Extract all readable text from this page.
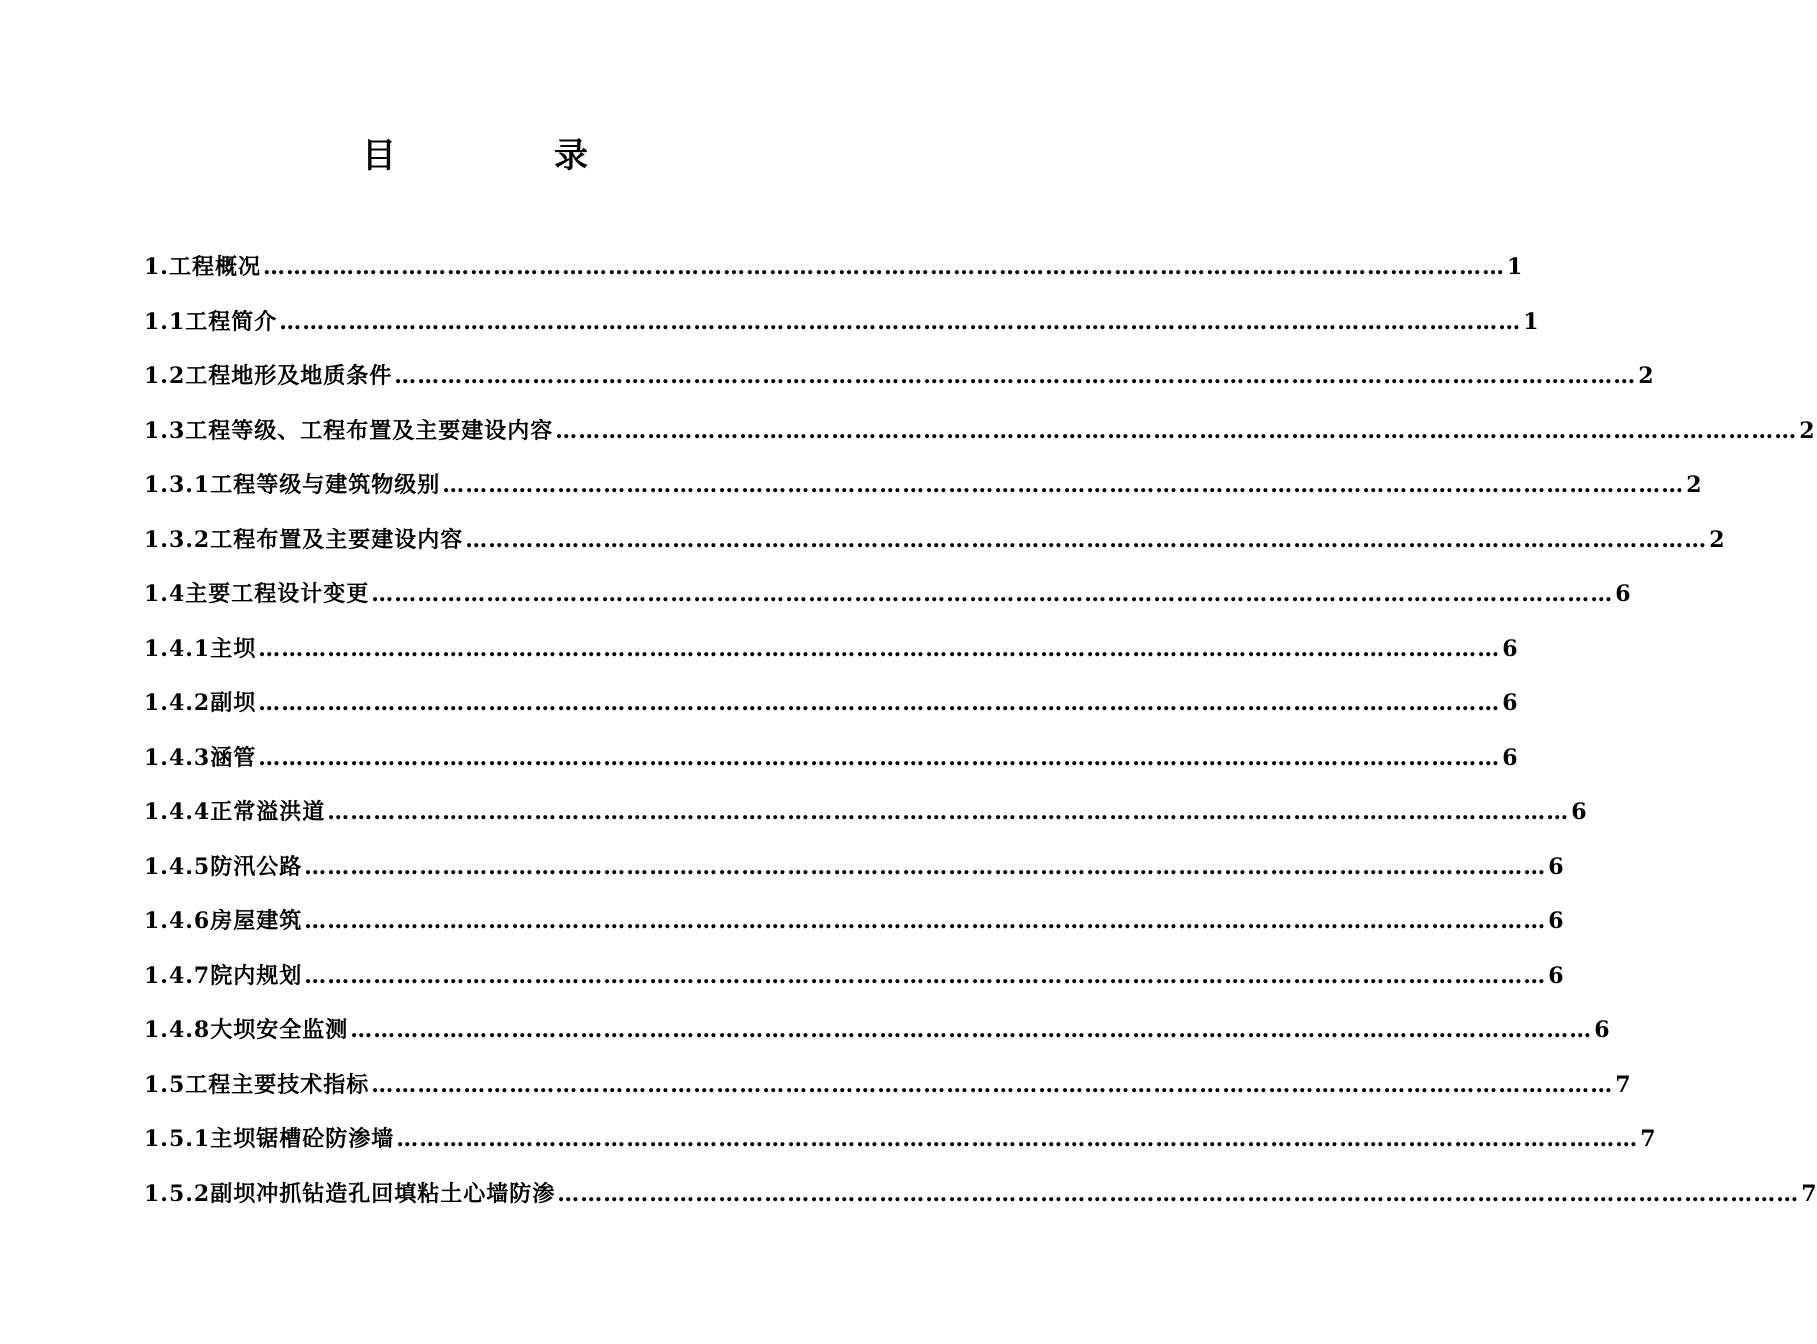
目　录
1.工程概况 ……………………………………………………………………………………………………………………………………………… 1
1.1工程简介 ……………………………………………………………………………………………………………………………………………… 1
1.2工程地形及地质条件 ……………………………………………………………………………………………………………………………………………… 2
1.3工程等级、工程布置及主要建设内容 ……………………………………………………………………………………………………………………………………………… 2
1.3.1工程等级与建筑物级别 ……………………………………………………………………………………………………………………………………………… 2
1.3.2工程布置及主要建设内容 ……………………………………………………………………………………………………………………………………………… 2
1.4主要工程设计变更 ……………………………………………………………………………………………………………………………………………… 6
1.4.1主坝 ……………………………………………………………………………………………………………………………………………… 6
1.4.2副坝 ……………………………………………………………………………………………………………………………………………… 6
1.4.3涵管 ……………………………………………………………………………………………………………………………………………… 6
1.4.4正常溢洪道 ……………………………………………………………………………………………………………………………………………… 6
1.4.5防汛公路 ……………………………………………………………………………………………………………………………………………… 6
1.4.6房屋建筑 ……………………………………………………………………………………………………………………………………………… 6
1.4.7院内规划 ……………………………………………………………………………………………………………………………………………… 6
1.4.8大坝安全监测 ……………………………………………………………………………………………………………………………………………… 6
1.5工程主要技术指标 ……………………………………………………………………………………………………………………………………………… 7
1.5.1主坝锯槽砼防渗墙 ……………………………………………………………………………………………………………………………………………… 7
1.5.2副坝冲抓钻造孔回填粘土心墙防渗 ……………………………………………………………………………………………………………………………………………… 7
